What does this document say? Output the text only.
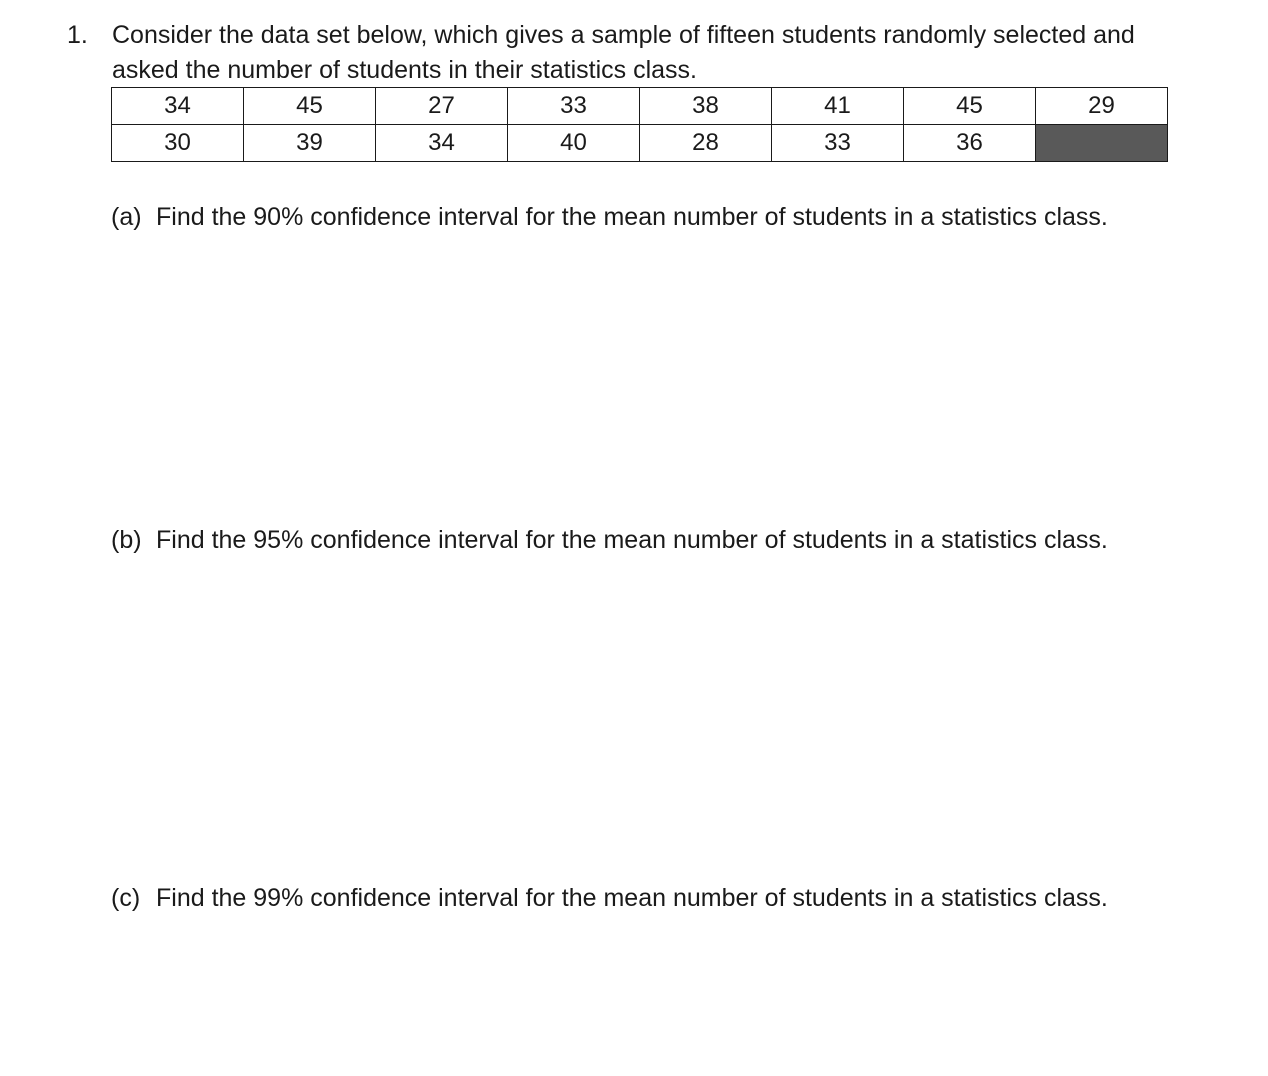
1. Consider the data set below, which gives a sample of fifteen students randomly selected and asked the number of students in their statistics class.
34	45	27	33	38	41	45	29
30	39	34	40	28	33	36	
(a) Find the 90% confidence interval for the mean number of students in a statistics class.
(b) Find the 95% confidence interval for the mean number of students in a statistics class.
(c) Find the 99% confidence interval for the mean number of students in a statistics class.
